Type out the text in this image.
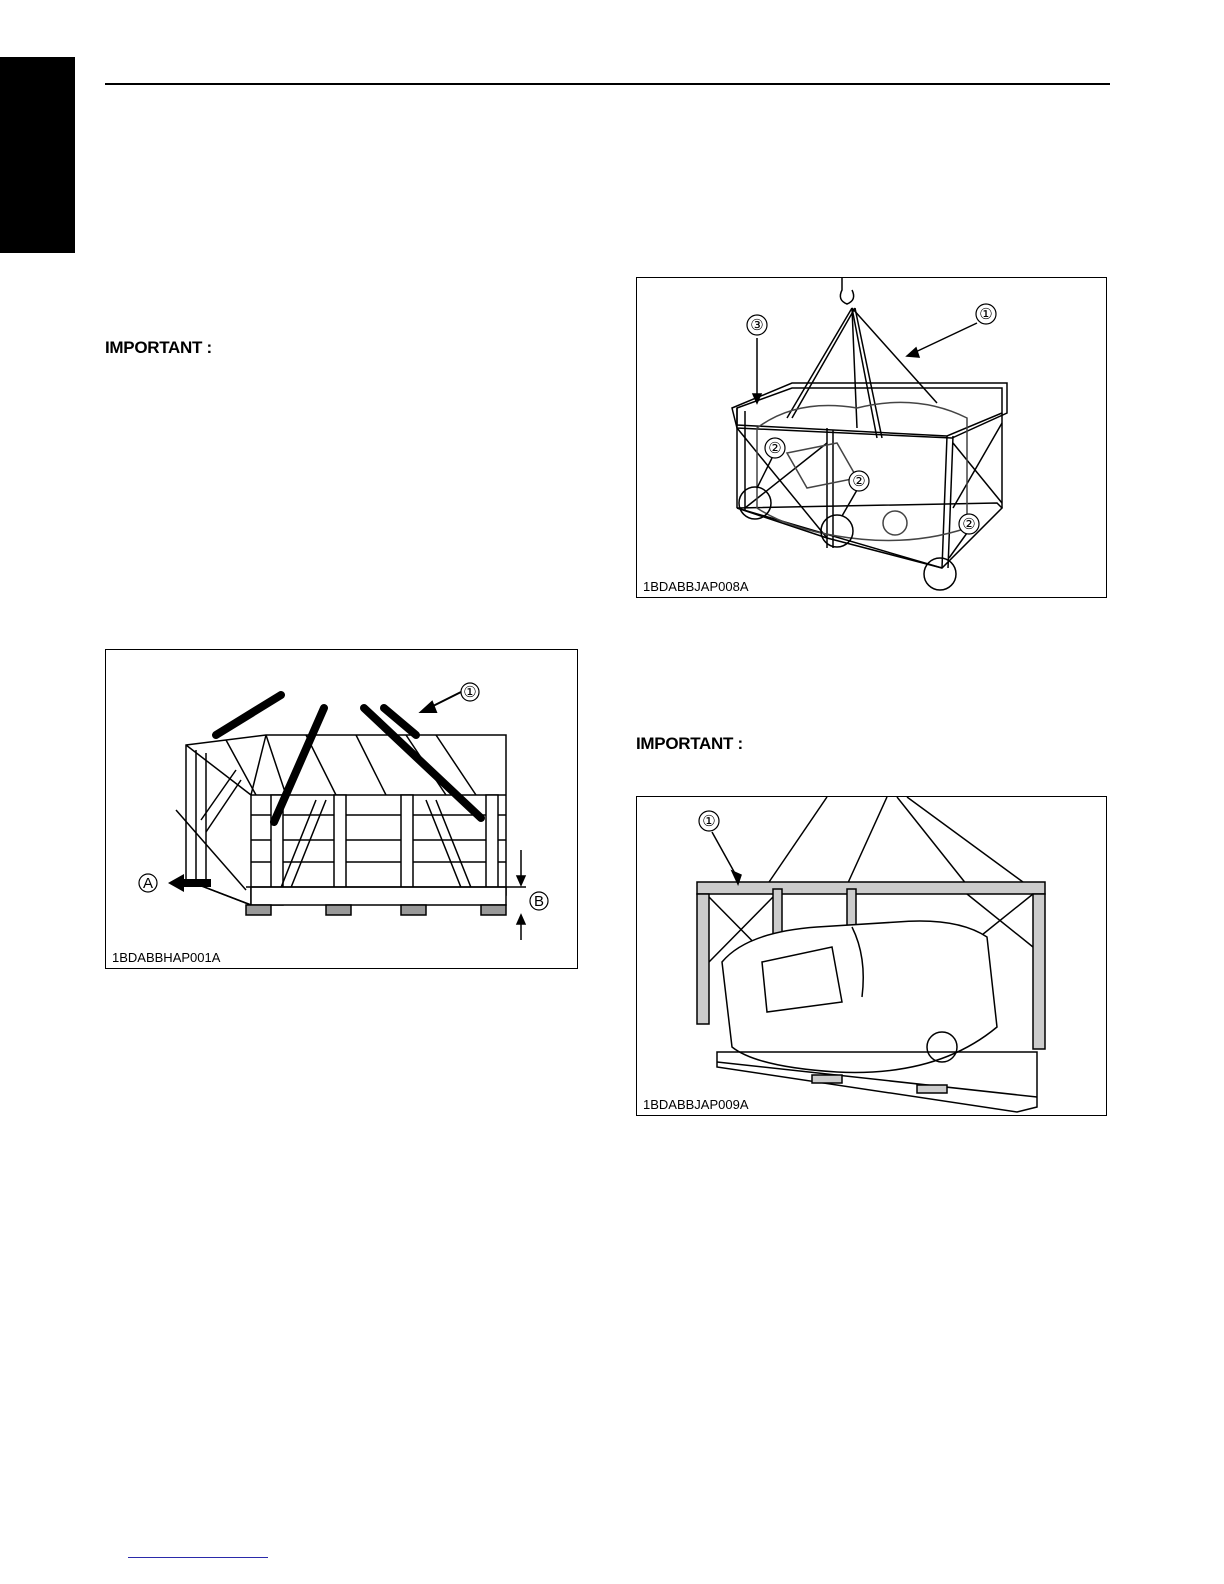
IMPORTANT :
IMPORTANT :
①
A
B
1BDABBHAP001A
①
③
②
②
②
1BDABBJAP008A
①
1BDABBJAP009A
